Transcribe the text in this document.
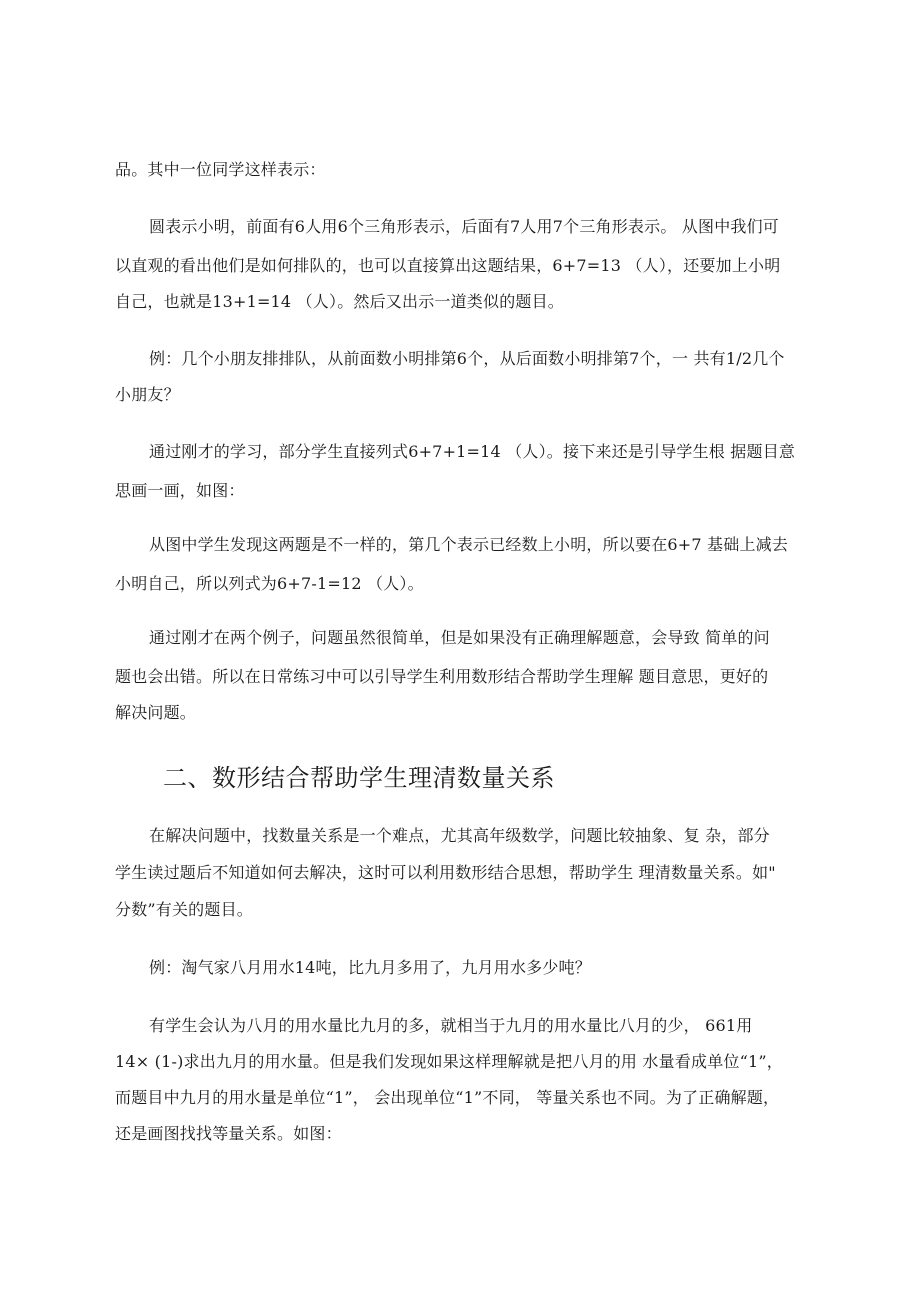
品。其中一位同学这样表示：
圆表示小明，前面有6人用6个三角形表示，后面有7人用7个三角形表示。 从图中我们可
以直观的看出他们是如何排队的，也可以直接算出这题结果，6+7=13 （人），还要加上小明
自己，也就是13+1=14 （人）。然后又出示一道类似的题目。
例：几个小朋友排排队，从前面数小明排第6个，从后面数小明排第7个，一 共有1/2几个
小朋友？
通过刚才的学习，部分学生直接列式6+7+1=14 （人）。接下来还是引导学生根 据题目意
思画一画，如图：
从图中学生发现这两题是不一样的，第几个表示已经数上小明，所以要在6+7 基础上减去
小明自己，所以列式为6+7-1=12 （人）。
通过刚才在两个例子，问题虽然很简单，但是如果没有正确理解题意，会导致 简单的问
题也会出错。所以在日常练习中可以引导学生利用数形结合帮助学生理解 题目意思，更好的
解决问题。
二、数形结合帮助学生理清数量关系
在解决问题中，找数量关系是一个难点，尤其高年级数学，问题比较抽象、复 杂，部分
学生读过题后不知道如何去解决，这时可以利用数形结合思想，帮助学生 理清数量关系。如"
分数”有关的题目。
例：淘气家八月用水14吨，比九月多用了，九月用水多少吨？
有学生会认为八月的用水量比九月的多，就相当于九月的用水量比八月的少， 661用
14× (1-)求出九月的用水量。但是我们发现如果这样理解就是把八月的用 水量看成单位“1”，
而题目中九月的用水量是单位“1”， 会出现单位“1”不同， 等量关系也不同。为了正确解题，
还是画图找找等量关系。如图：
